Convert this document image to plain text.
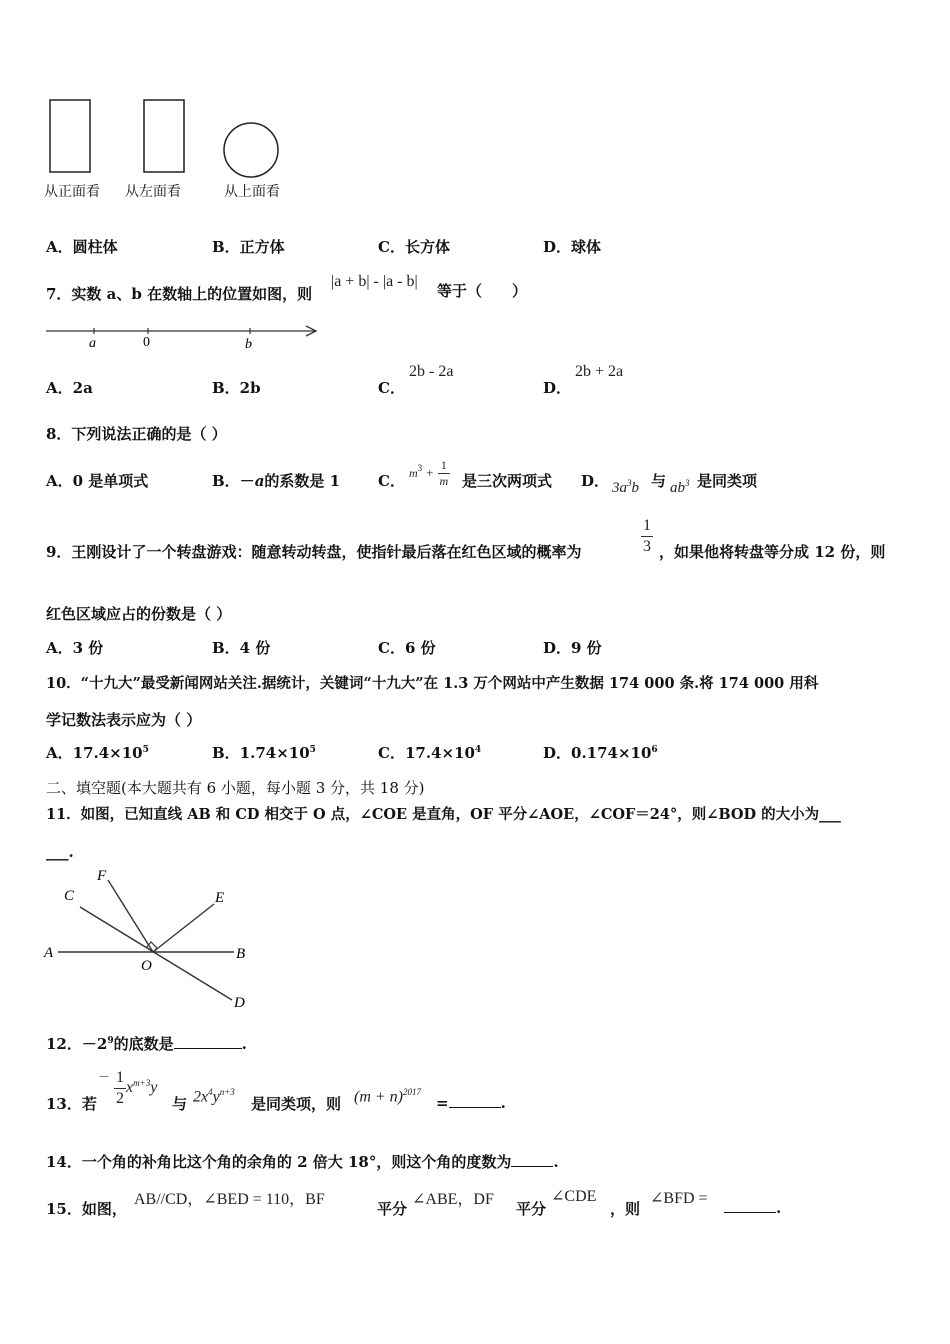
从正面看 从左面看	从上面看
A．圆柱体	B．正方体	C．长方体	D．球体
7．实数 a、b 在数轴上的位置如图，则
|a + b| - |a - b|
等于（　　）
a	0	b
A．2a	B．2b	C．
2b - 2a
D．
2b + 2a
8．下列说法正确的是（ ）
A．0 是单项式	B．－a的系数是 1	C． $m^3 + \frac{1}{m}$ 是三次两项式 D． $3a^3b$ 与 $ab^3$ 是同类项
9．王刚设计了一个转盘游戏：随意转动转盘，使指针最后落在红色区域的概率为	$\frac{1}{3}$ ，如果他将转盘等分成 12 份，则
红色区域应占的份数是（ ）
A．3 份	B．4 份	C．6 份	D．9 份
10．“十九大”最受新闻网站关注.据统计，关键词“十九大”在 1.3 万个网站中产生数据 174 000 条.将 174 000 用科
学记数法表示应为（ ）
A．$17.4\times 10^5$	B．$1.74\times 10^5$	C．$17.4\times 10^4$	D．$0.174\times 10^6$
二、填空题(本大题共有 6 小题，每小题 3 分，共 18 分)
11．如图，已知直线 AB 和 CD 相交于 O 点，∠COE 是直角，OF 平分∠AOE，∠COF＝24°，则∠BOD 的大小为___
___.
C
F
E
A
O
B
D
12．$-2^9$的底数是	.
13．若
$^- \frac{1}{2} x^{m+3}y$
与 $2x^4y^{n+3}$
是同类项，则 $(m + n)^{2017}$
=	.
14．一个角的补角比这个角的余角的 2 倍大 18°，则这个角的度数为	.
15．如图，
AB//CD，∠BED = 110，BF
平分
∠ABE，DF
平分
∠CDE
，则
∠BFD =
.
